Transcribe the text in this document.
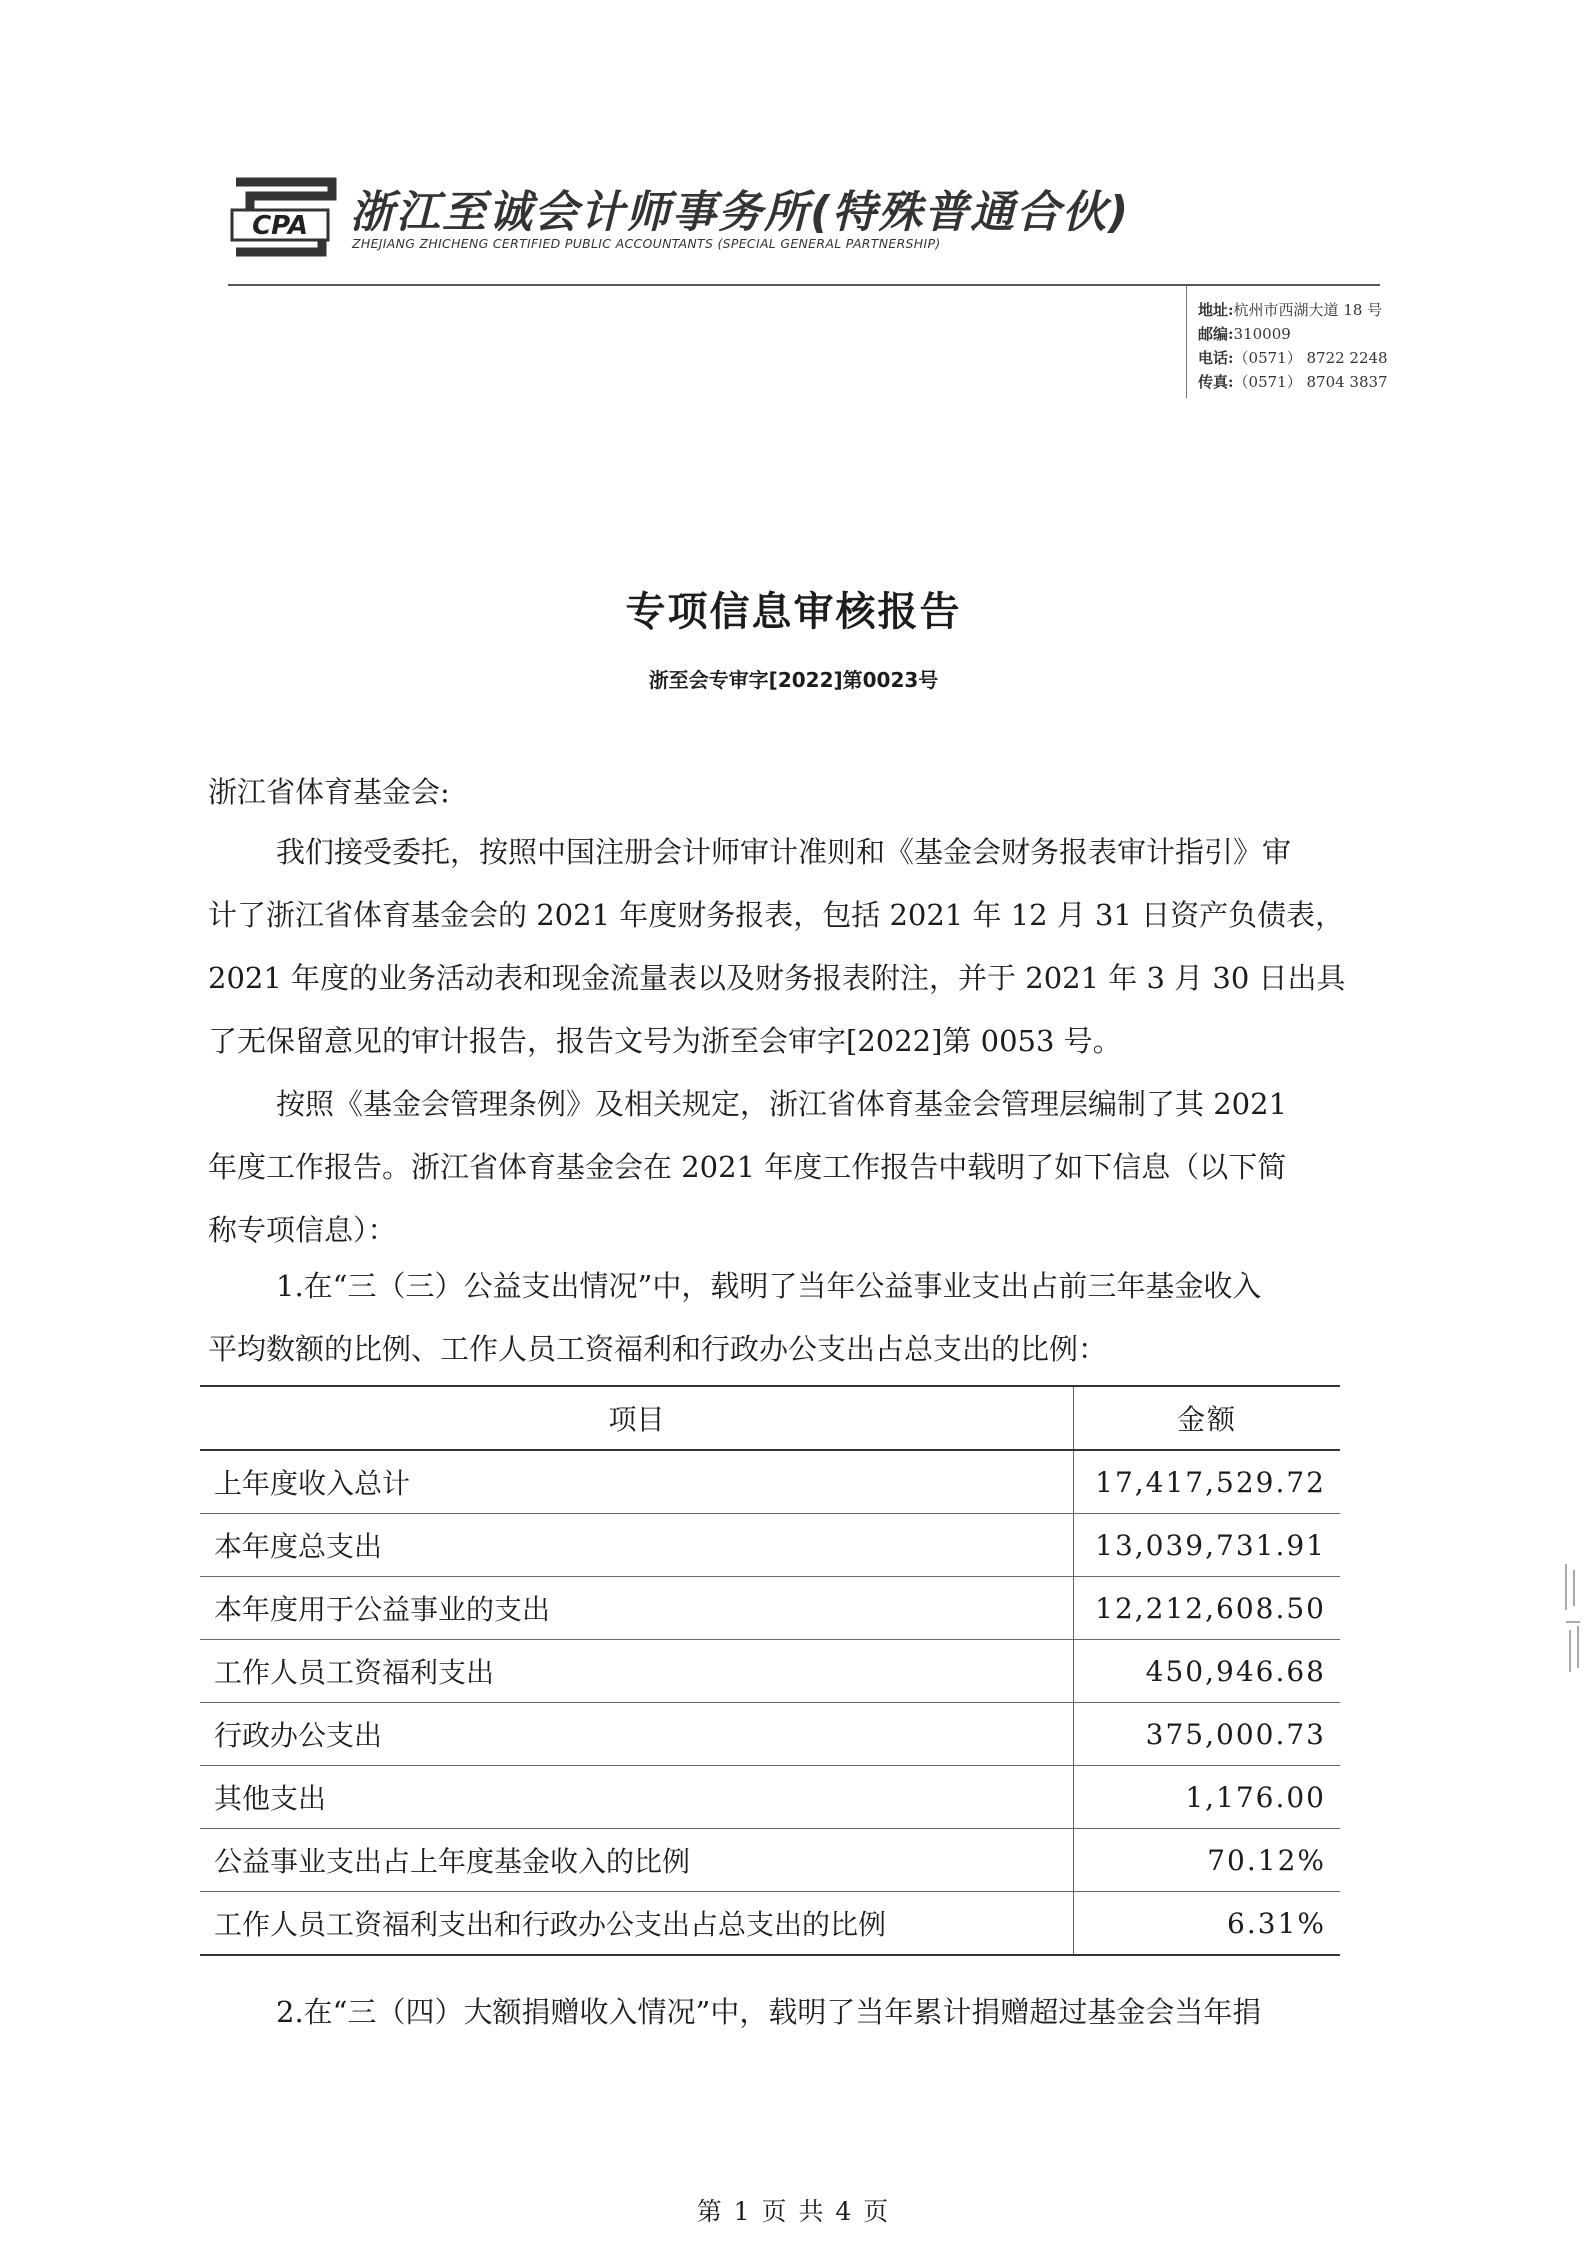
CPA 浙江至诚会计师事务所(特殊普通合伙)
ZHEJIANG ZHICHENG CERTIFIED PUBLIC ACCOUNTANTS (SPECIAL GENERAL PARTNERSHIP)
地址:杭州市西湖大道 18 号
邮编:310009
电话:（0571） 8722 2248
传真:（0571） 8704 3837
专项信息审核报告
浙至会专审字[2022]第0023号
浙江省体育基金会:
我们接受委托，按照中国注册会计师审计准则和《基金会财务报表审计指引》审
计了浙江省体育基金会的 2021 年度财务报表，包括 2021 年 12 月 31 日资产负债表，
2021 年度的业务活动表和现金流量表以及财务报表附注，并于 2021 年 3 月 30 日出具
了无保留意见的审计报告，报告文号为浙至会审字[2022]第 0053 号。
按照《基金会管理条例》及相关规定，浙江省体育基金会管理层编制了其 2021
年度工作报告。浙江省体育基金会在 2021 年度工作报告中载明了如下信息（以下简
称专项信息）：
1.在“三（三）公益支出情况”中，载明了当年公益事业支出占前三年基金收入
平均数额的比例、工作人员工资福利和行政办公支出占总支出的比例：
项目	金额
上年度收入总计	17,417,529.72
本年度总支出	13,039,731.91
本年度用于公益事业的支出	12,212,608.50
工作人员工资福利支出	450,946.68
行政办公支出	375,000.73
其他支出	1,176.00
公益事业支出占上年度基金收入的比例	70.12%
工作人员工资福利支出和行政办公支出占总支出的比例	6.31%
2.在“三（四）大额捐赠收入情况”中，载明了当年累计捐赠超过基金会当年捐
第 1 页 共 4 页
